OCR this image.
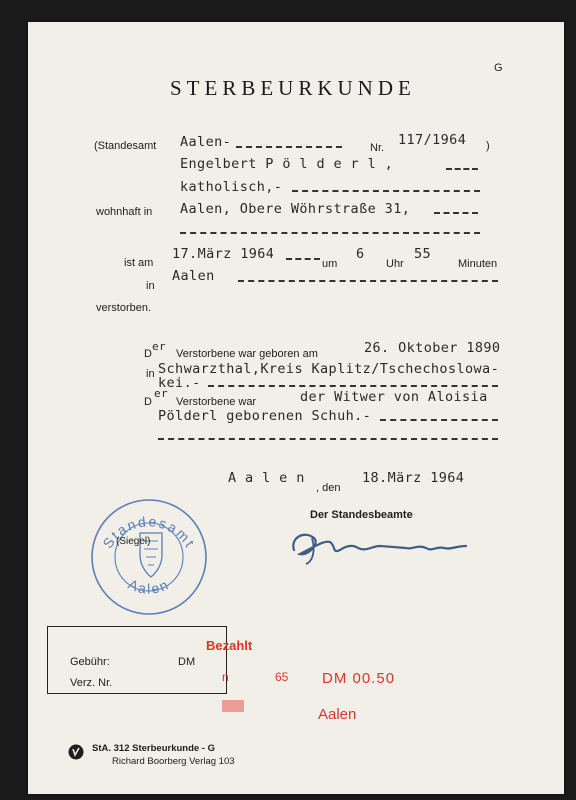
G
STERBEURKUNDE
(Standesamt Aalen-	Nr. 117/1964 )
Engelbert P ö l d e r l ,
katholisch,-
wohnhaft in Aalen, Obere Wöhrstraße 31,
ist am
17.März 1964
um
6
Uhr
55
Minuten
in
Aalen
verstorben.
D
er
Verstorbene war geboren am	26. Oktober 1890
in Schwarzthal,Kreis Kaplitz/Tschechoslowa-
kei.-
D
er
Verstorbene war	der Witwer von Aloisia
Pölderl geborenen Schuh.-
A a l e n
, den
18.März 1964
Der Standesbeamte
Standesamt
Aalen
(Siegel)
Gebühr:	DM
Verz. Nr.
Bezahlt
n	65 DM 00.50
Aalen
StA. 312 Sterbeurkunde - G
Richard Boorberg Verlag 103
